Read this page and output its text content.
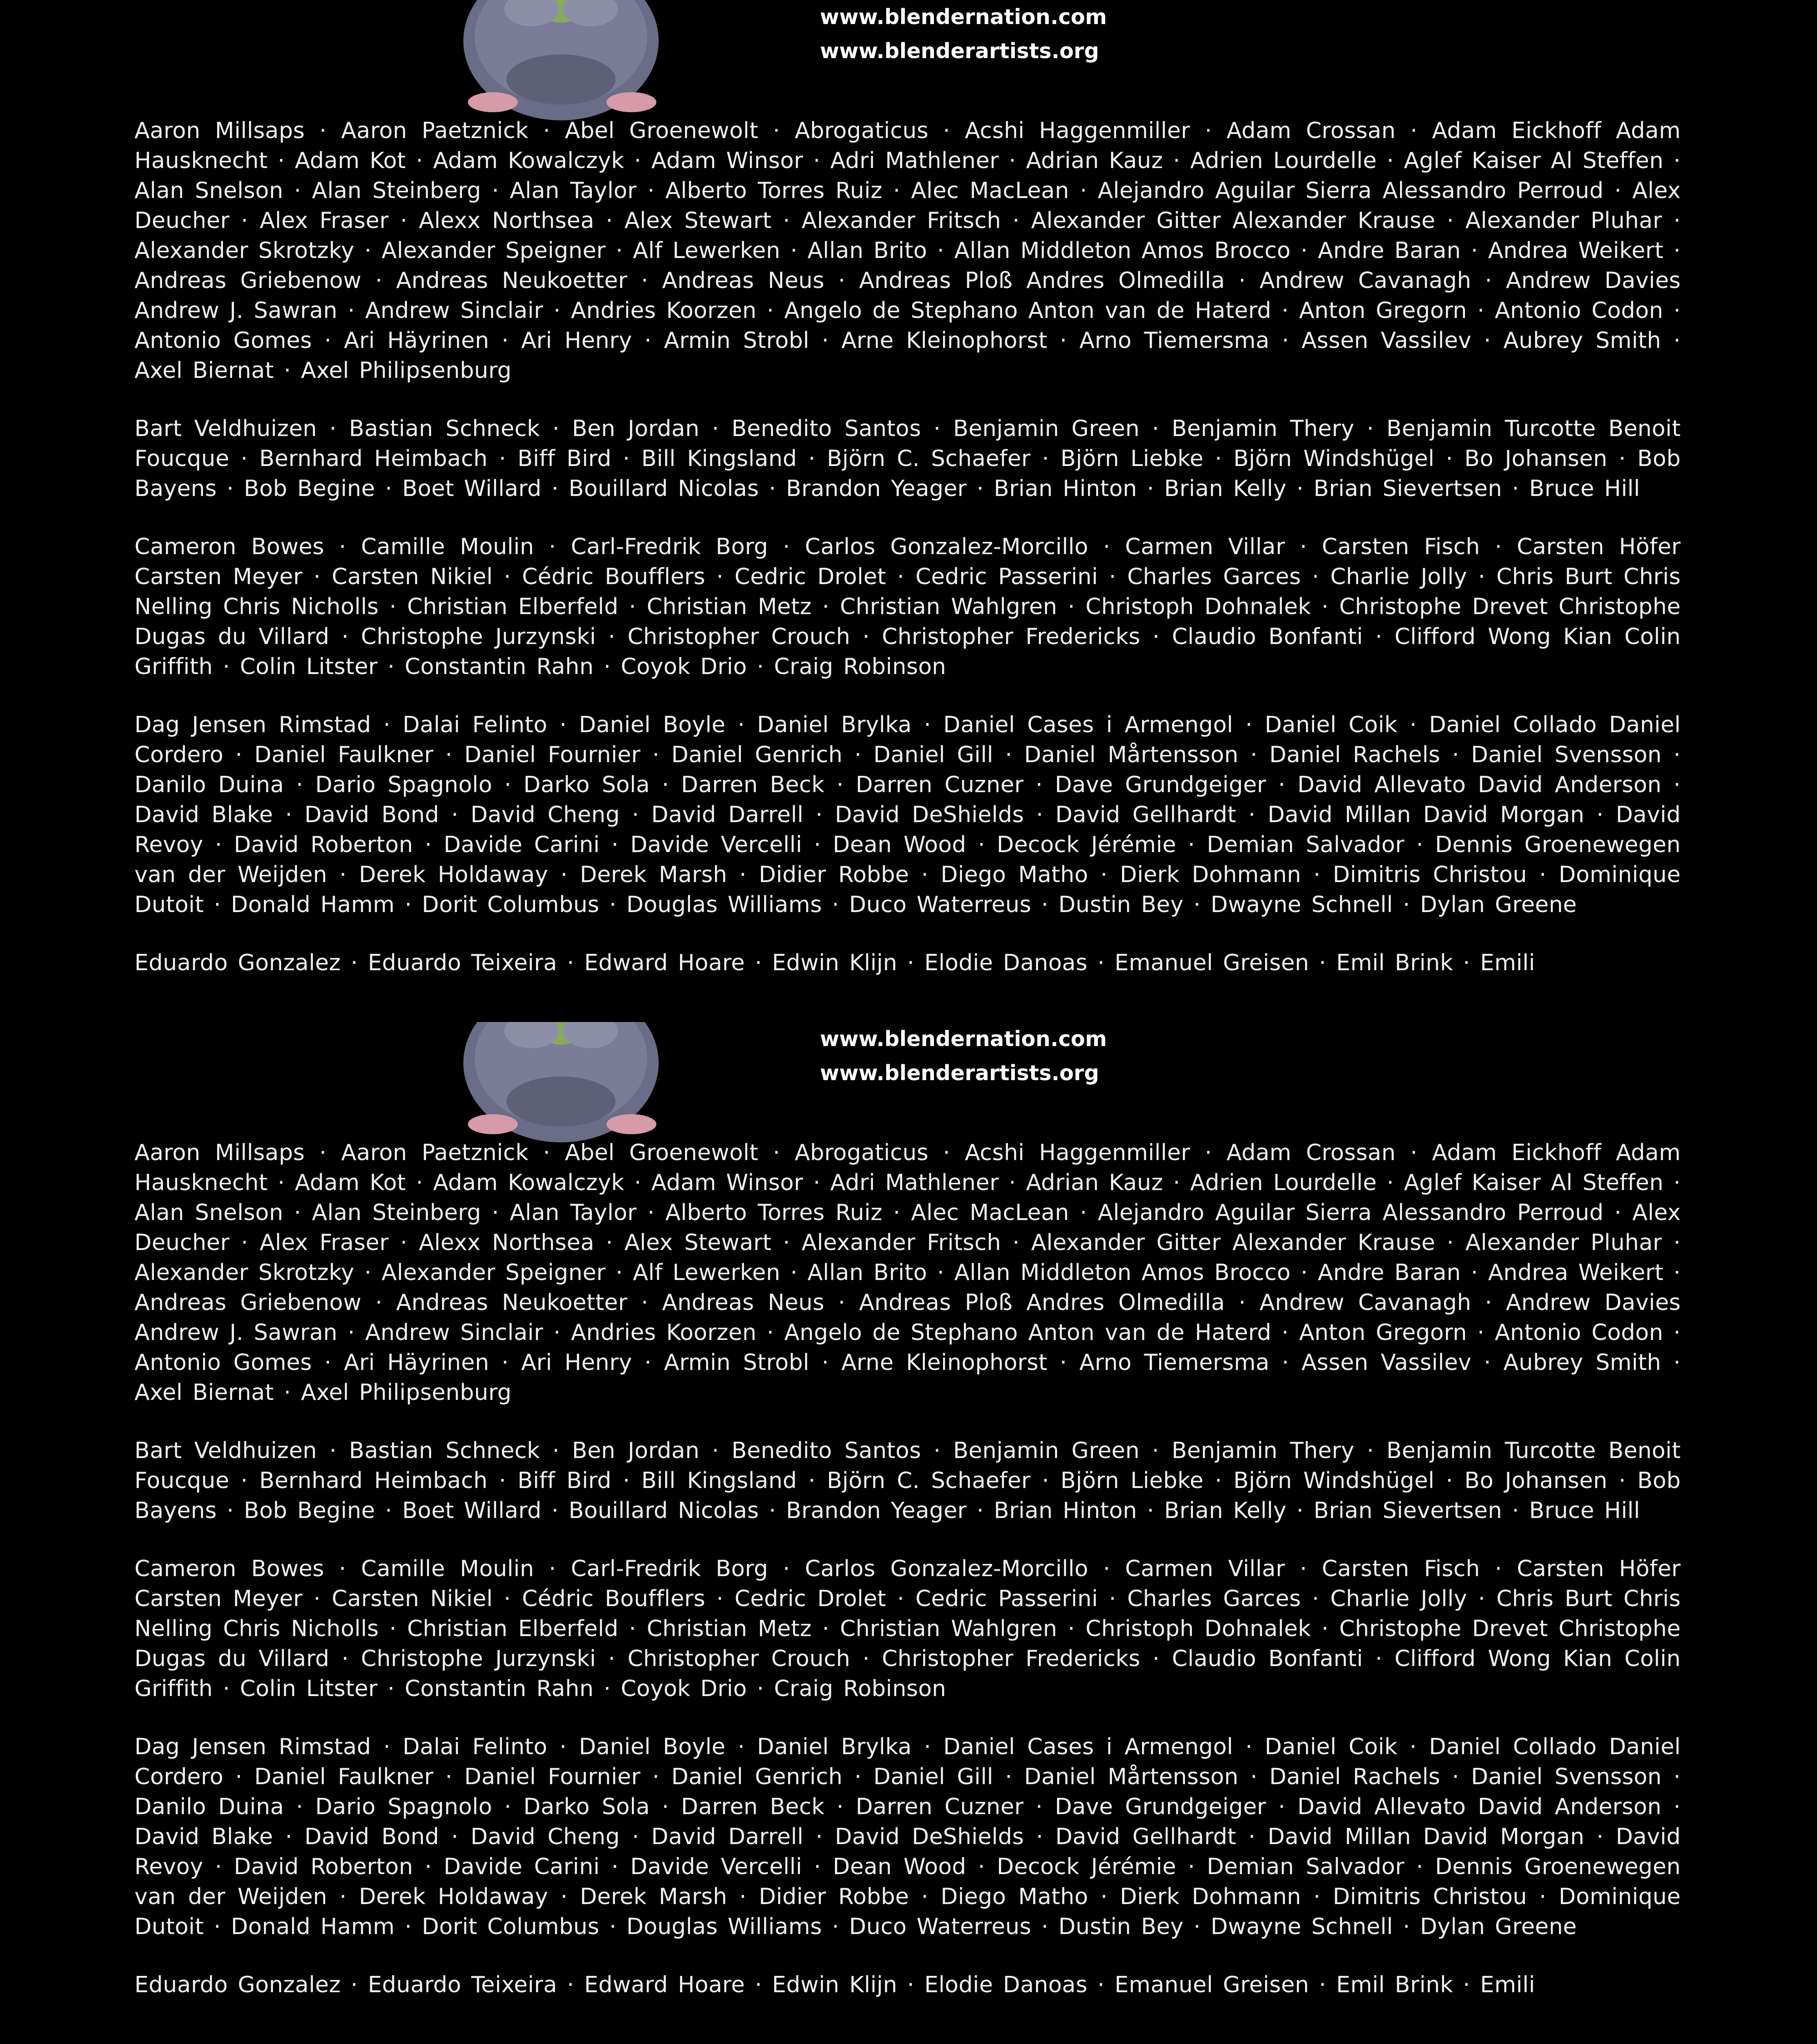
www.blendernation.com
www.blenderartists.org
Aaron Millsaps · Aaron Paetznick · Abel Groenewolt · Abrogaticus · Acshi Haggenmiller · Adam Crossan · Adam Eickhoff Adam Hausknecht · Adam Kot · Adam Kowalczyk · Adam Winsor · Adri Mathlener · Adrian Kauz · Adrien Lourdelle · Aglef Kaiser Al Steffen · Alan Snelson · Alan Steinberg · Alan Taylor · Alberto Torres Ruiz · Alec MacLean · Alejandro Aguilar Sierra Alessandro Perroud · Alex Deucher · Alex Fraser · Alexx Northsea · Alex Stewart · Alexander Fritsch · Alexander Gitter Alexander Krause · Alexander Pluhar · Alexander Skrotzky · Alexander Speigner · Alf Lewerken · Allan Brito · Allan Middleton Amos Brocco · Andre Baran · Andrea Weikert · Andreas Griebenow · Andreas Neukoetter · Andreas Neus · Andreas Ploß Andres Olmedilla · Andrew Cavanagh · Andrew Davies Andrew J. Sawran · Andrew Sinclair · Andries Koorzen · Angelo de Stephano Anton van de Haterd · Anton Gregorn · Antonio Codon · Antonio Gomes · Ari Häyrinen · Ari Henry · Armin Strobl · Arne Kleinophorst · Arno Tiemersma · Assen Vassilev · Aubrey Smith · Axel Biernat · Axel Philipsenburg
Bart Veldhuizen · Bastian Schneck · Ben Jordan · Benedito Santos · Benjamin Green · Benjamin Thery · Benjamin Turcotte Benoit Foucque · Bernhard Heimbach · Biff Bird · Bill Kingsland · Björn C. Schaefer · Björn Liebke · Björn Windshügel · Bo Johansen · Bob Bayens · Bob Begine · Boet Willard · Bouillard Nicolas · Brandon Yeager · Brian Hinton · Brian Kelly · Brian Sievertsen · Bruce Hill
Cameron Bowes · Camille Moulin · Carl-Fredrik Borg · Carlos Gonzalez-Morcillo · Carmen Villar · Carsten Fisch · Carsten Höfer Carsten Meyer · Carsten Nikiel · Cédric Boufflers · Cedric Drolet · Cedric Passerini · Charles Garces · Charlie Jolly · Chris Burt Chris Nelling Chris Nicholls · Christian Elberfeld · Christian Metz · Christian Wahlgren · Christoph Dohnalek · Christophe Drevet Christophe Dugas du Villard · Christophe Jurzynski · Christopher Crouch · Christopher Fredericks · Claudio Bonfanti · Clifford Wong Kian Colin Griffith · Colin Litster · Constantin Rahn · Coyok Drio · Craig Robinson
Dag Jensen Rimstad · Dalai Felinto · Daniel Boyle · Daniel Brylka · Daniel Cases i Armengol · Daniel Coik · Daniel Collado Daniel Cordero · Daniel Faulkner · Daniel Fournier · Daniel Genrich · Daniel Gill · Daniel Mårtensson · Daniel Rachels · Daniel Svensson · Danilo Duina · Dario Spagnolo · Darko Sola · Darren Beck · Darren Cuzner · Dave Grundgeiger · David Allevato David Anderson · David Blake · David Bond · David Cheng · David Darrell · David DeShields · David Gellhardt · David Millan David Morgan · David Revoy · David Roberton · Davide Carini · Davide Vercelli · Dean Wood · Decock Jérémie · Demian Salvador · Dennis Groenewegen van der Weijden · Derek Holdaway · Derek Marsh · Didier Robbe · Diego Matho · Dierk Dohmann · Dimitris Christou · Dominique Dutoit · Donald Hamm · Dorit Columbus · Douglas Williams · Duco Waterreus · Dustin Bey · Dwayne Schnell · Dylan Greene
Eduardo Gonzalez · Eduardo Teixeira · Edward Hoare · Edwin Klijn · Elodie Danoas · Emanuel Greisen · Emil Brink · Emili
www.blendernation.com
www.blenderartists.org
Aaron Millsaps · Aaron Paetznick · Abel Groenewolt · Abrogaticus · Acshi Haggenmiller · Adam Crossan · Adam Eickhoff Adam Hausknecht · Adam Kot · Adam Kowalczyk · Adam Winsor · Adri Mathlener · Adrian Kauz · Adrien Lourdelle · Aglef Kaiser Al Steffen · Alan Snelson · Alan Steinberg · Alan Taylor · Alberto Torres Ruiz · Alec MacLean · Alejandro Aguilar Sierra Alessandro Perroud · Alex Deucher · Alex Fraser · Alexx Northsea · Alex Stewart · Alexander Fritsch · Alexander Gitter Alexander Krause · Alexander Pluhar · Alexander Skrotzky · Alexander Speigner · Alf Lewerken · Allan Brito · Allan Middleton Amos Brocco · Andre Baran · Andrea Weikert · Andreas Griebenow · Andreas Neukoetter · Andreas Neus · Andreas Ploß Andres Olmedilla · Andrew Cavanagh · Andrew Davies Andrew J. Sawran · Andrew Sinclair · Andries Koorzen · Angelo de Stephano Anton van de Haterd · Anton Gregorn · Antonio Codon · Antonio Gomes · Ari Häyrinen · Ari Henry · Armin Strobl · Arne Kleinophorst · Arno Tiemersma · Assen Vassilev · Aubrey Smith · Axel Biernat · Axel Philipsenburg
Bart Veldhuizen · Bastian Schneck · Ben Jordan · Benedito Santos · Benjamin Green · Benjamin Thery · Benjamin Turcotte Benoit Foucque · Bernhard Heimbach · Biff Bird · Bill Kingsland · Björn C. Schaefer · Björn Liebke · Björn Windshügel · Bo Johansen · Bob Bayens · Bob Begine · Boet Willard · Bouillard Nicolas · Brandon Yeager · Brian Hinton · Brian Kelly · Brian Sievertsen · Bruce Hill
Cameron Bowes · Camille Moulin · Carl-Fredrik Borg · Carlos Gonzalez-Morcillo · Carmen Villar · Carsten Fisch · Carsten Höfer Carsten Meyer · Carsten Nikiel · Cédric Boufflers · Cedric Drolet · Cedric Passerini · Charles Garces · Charlie Jolly · Chris Burt Chris Nelling Chris Nicholls · Christian Elberfeld · Christian Metz · Christian Wahlgren · Christoph Dohnalek · Christophe Drevet Christophe Dugas du Villard · Christophe Jurzynski · Christopher Crouch · Christopher Fredericks · Claudio Bonfanti · Clifford Wong Kian Colin Griffith · Colin Litster · Constantin Rahn · Coyok Drio · Craig Robinson
Dag Jensen Rimstad · Dalai Felinto · Daniel Boyle · Daniel Brylka · Daniel Cases i Armengol · Daniel Coik · Daniel Collado Daniel Cordero · Daniel Faulkner · Daniel Fournier · Daniel Genrich · Daniel Gill · Daniel Mårtensson · Daniel Rachels · Daniel Svensson · Danilo Duina · Dario Spagnolo · Darko Sola · Darren Beck · Darren Cuzner · Dave Grundgeiger · David Allevato David Anderson · David Blake · David Bond · David Cheng · David Darrell · David DeShields · David Gellhardt · David Millan David Morgan · David Revoy · David Roberton · Davide Carini · Davide Vercelli · Dean Wood · Decock Jérémie · Demian Salvador · Dennis Groenewegen van der Weijden · Derek Holdaway · Derek Marsh · Didier Robbe · Diego Matho · Dierk Dohmann · Dimitris Christou · Dominique Dutoit · Donald Hamm · Dorit Columbus · Douglas Williams · Duco Waterreus · Dustin Bey · Dwayne Schnell · Dylan Greene
Eduardo Gonzalez · Eduardo Teixeira · Edward Hoare · Edwin Klijn · Elodie Danoas · Emanuel Greisen · Emil Brink · Emili
